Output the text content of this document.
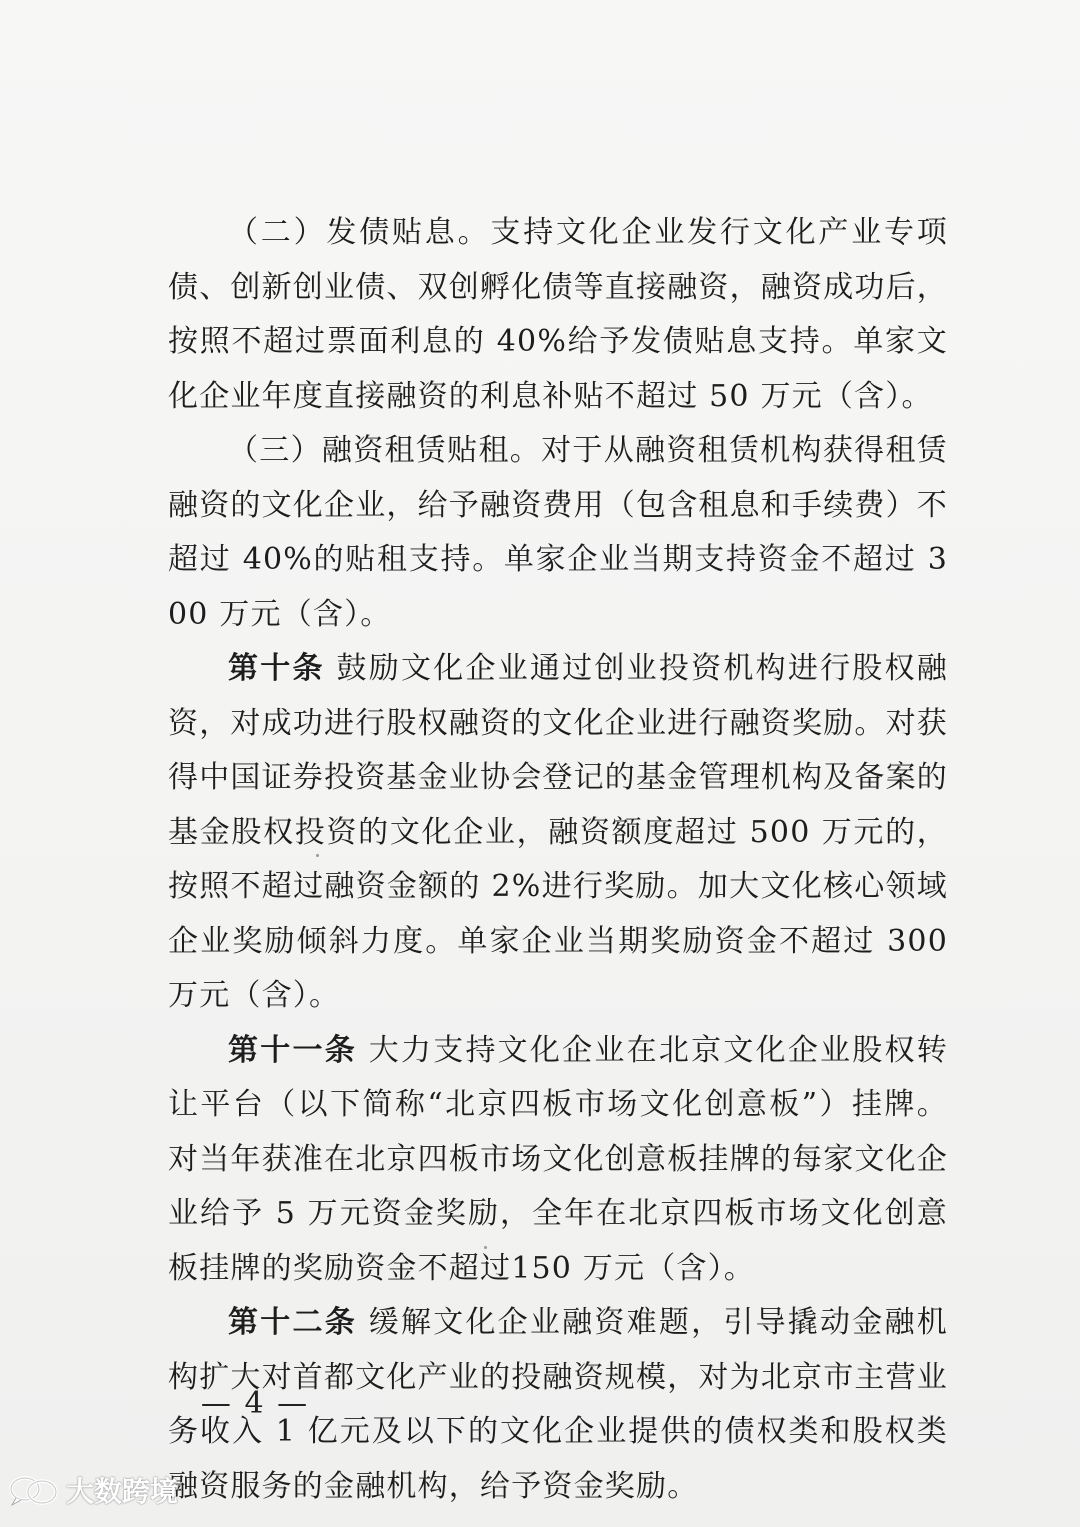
（二）发债贴息。支持文化企业发行文化产业专项债、创新创业债、双创孵化债等直接融资，融资成功后，按照不超过票面利息的 40%给予发债贴息支持。单家文化企业年度直接融资的利息补贴不超过 50 万元（含）。

（三）融资租赁贴租。对于从融资租赁机构获得租赁融资的文化企业，给予融资费用（包含租息和手续费）不超过 40%的贴租支持。单家企业当期支持资金不超过 300 万元（含）。

第十条 鼓励文化企业通过创业投资机构进行股权融资，对成功进行股权融资的文化企业进行融资奖励。对获得中国证券投资基金业协会登记的基金管理机构及备案的基金股权投资的文化企业，融资额度超过 500 万元的，按照不超过融资金额的 2%进行奖励。加大文化核心领域企业奖励倾斜力度。单家企业当期奖励资金不超过 300 万元（含）。

第十一条 大力支持文化企业在北京文化企业股权转让平台（以下简称“北京四板市场文化创意板”）挂牌。对当年获准在北京四板市场文化创意板挂牌的每家文化企业给予 5 万元资金奖励，全年在北京四板市场文化创意板挂牌的奖励资金不超过150 万元（含）。

第十二条 缓解文化企业融资难题，引导撬动金融机构扩大对首都文化产业的投融资规模，对为北京市主营业务收入 1 亿元及以下的文化企业提供的债权类和股权类融资服务的金融机构，给予资金奖励。

— 4 —
大数跨境
